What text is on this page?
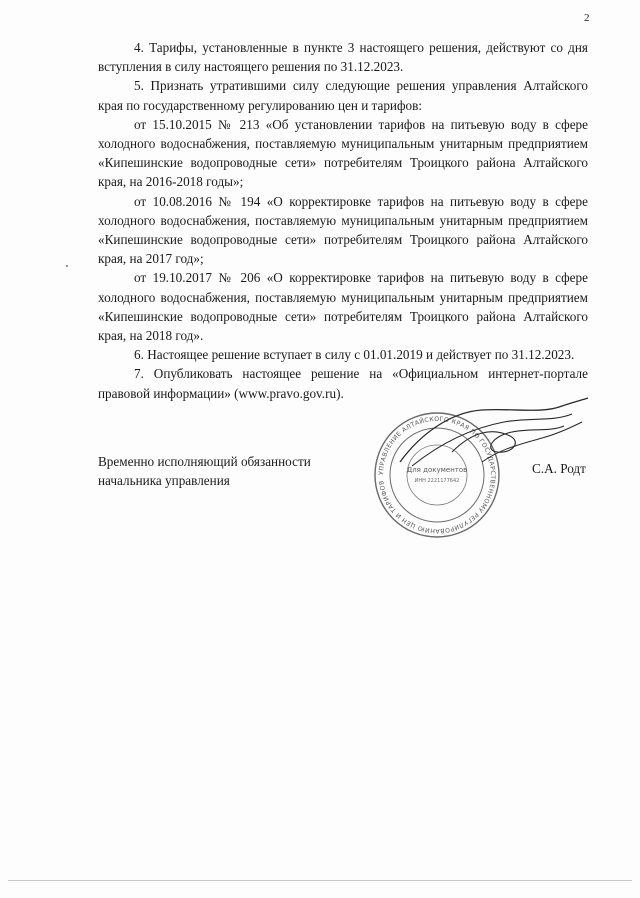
2

4. Тарифы, установленные в пункте 3 настоящего решения, действуют со дня вступления в силу настоящего решения по 31.12.2023.

5. Признать утратившими силу следующие решения управления Алтайского края по государственному регулированию цен и тарифов:

от 15.10.2015 № 213 «Об установлении тарифов на питьевую воду в сфере холодного водоснабжения, поставляемую муниципальным унитарным предприятием «Кипешинские водопроводные сети» потребителям Троицкого района Алтайского края, на 2016-2018 годы»;

от 10.08.2016 № 194 «О корректировке тарифов на питьевую воду в сфере холодного водоснабжения, поставляемую муниципальным унитарным предприятием «Кипешинские водопроводные сети» потребителям Троицкого района Алтайского края, на 2017 год»;

от 19.10.2017 № 206 «О корректировке тарифов на питьевую воду в сфере холодного водоснабжения, поставляемую муниципальным унитарным предприятием «Кипешинские водопроводные сети» потребителям Троицкого района Алтайского края, на 2018 год».

6. Настоящее решение вступает в силу с 01.01.2019 и действует по 31.12.2023.

7. Опубликовать настоящее решение на «Официальном интернет-портале правовой информации» (www.pravo.gov.ru).

Временно исполняющий обязанности
начальника управления
УПРАВЛЕНИЕ АЛТАЙСКОГО КРАЯ ПО ГОСУДАРСТВЕННОМУ РЕГУЛИРОВАНИЮ ЦЕН И ТАРИФОВ
Для документов
ИНН 2221177642
С.А. Родт
